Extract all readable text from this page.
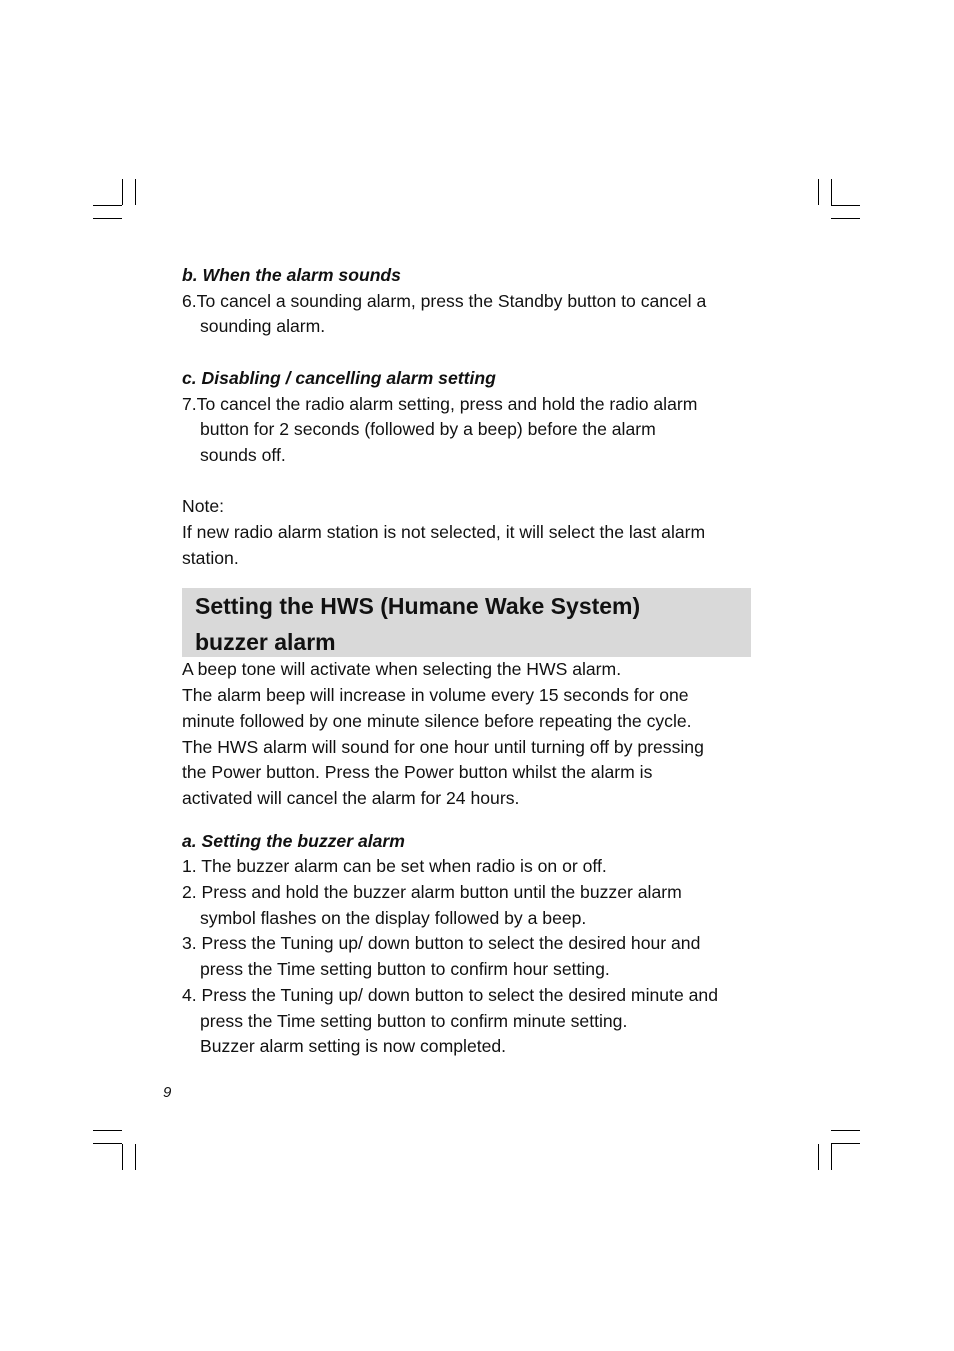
b. When the alarm sounds

6.To cancel a sounding alarm, press the Standby button to cancel a

sounding alarm.

c. Disabling / cancelling alarm setting

7.To cancel the radio alarm setting, press and hold the radio alarm

button for 2 seconds (followed by a beep) before the alarm

sounds off.

Note:

If new radio alarm station is not selected, it will select the last alarm

station.

Setting the HWS (Humane Wake System)
buzzer alarm

A beep tone will activate when selecting the HWS alarm.

The alarm beep will increase in volume every 15 seconds for one

minute followed by one minute silence before repeating the cycle.

The HWS alarm will sound for one hour until turning off by pressing

the Power button. Press the Power button whilst the alarm is

activated will cancel the alarm for 24 hours.

a. Setting the buzzer alarm

1. The buzzer alarm can be set when radio is on or off.

2. Press and hold the buzzer alarm button until the buzzer alarm

symbol flashes on the display followed by a beep.

3. Press the Tuning up/ down button to select the desired hour and

press the Time setting button to confirm hour setting.

4. Press the Tuning up/ down button to select the desired minute and

press the Time setting button to confirm minute setting.

Buzzer alarm setting is now completed.

9
